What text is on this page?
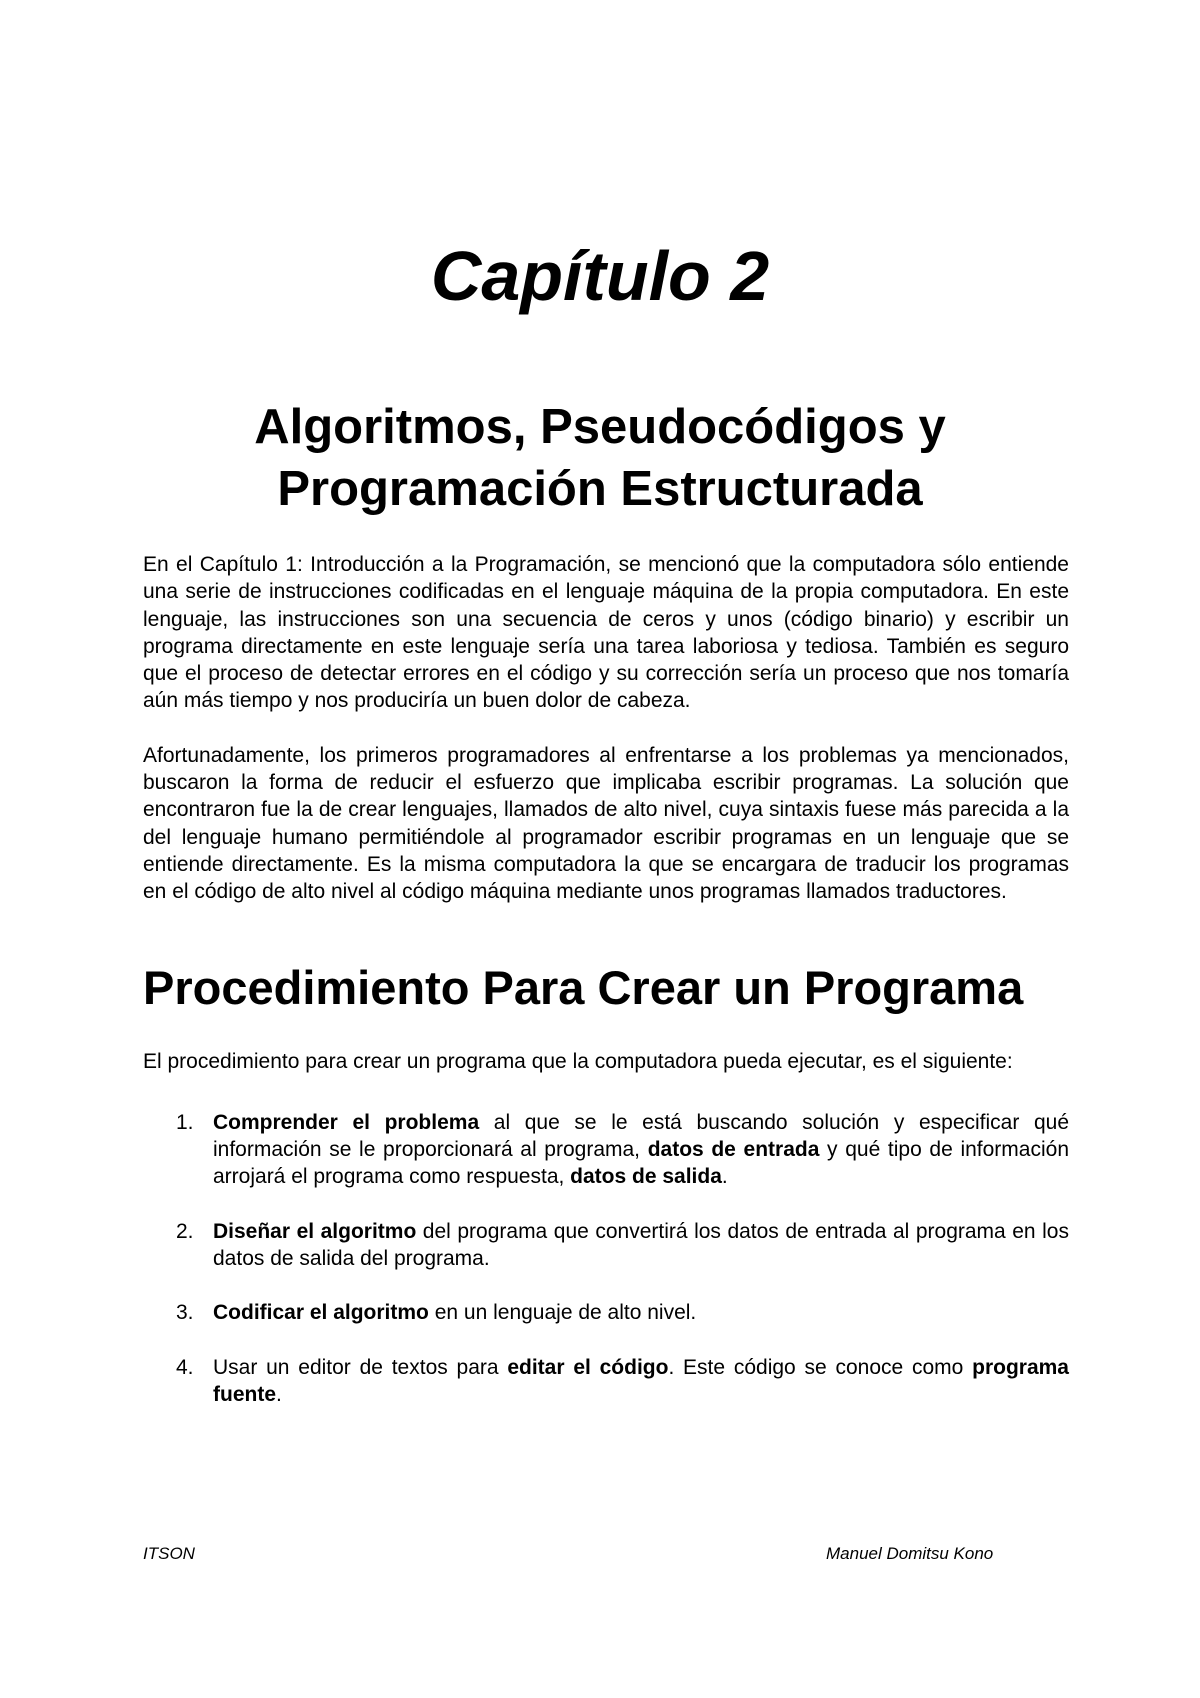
Capítulo 2
Algoritmos, Pseudocódigos y
Programación Estructurada

En el Capítulo 1: Introducción a la Programación, se mencionó que la computadora sólo entiende una serie de instrucciones codificadas en el lenguaje máquina de la propia computadora. En este lenguaje, las instrucciones son una secuencia de ceros y unos (código binario) y escribir un programa directamente en este lenguaje sería una tarea laboriosa y tediosa. También es seguro que el proceso de detectar errores en el código y su corrección sería un proceso que nos tomaría aún más tiempo y nos produciría un buen dolor de cabeza.

Afortunadamente, los primeros programadores al enfrentarse a los problemas ya mencionados, buscaron la forma de reducir el esfuerzo que implicaba escribir programas. La solución que encontraron fue la de crear lenguajes, llamados de alto nivel, cuya sintaxis fuese más parecida a la del lenguaje humano permitiéndole al programador escribir programas en un lenguaje que se entiende directamente. Es la misma computadora la que se encargara de traducir los programas en el código de alto nivel al código máquina mediante unos programas llamados traductores.

Procedimiento Para Crear un Programa

El procedimiento para crear un programa que la computadora pueda ejecutar, es el siguiente:

1. Comprender el problema al que se le está buscando solución y especificar qué información se le proporcionará al programa, datos de entrada y qué tipo de información arrojará el programa como respuesta, datos de salida.
2. Diseñar el algoritmo del programa que convertirá los datos de entrada al programa en los datos de salida del programa.
3. Codificar el algoritmo en un lenguaje de alto nivel.
4. Usar un editor de textos para editar el código. Este código se conoce como programa fuente.
ITSON	Manuel Domitsu Kono
